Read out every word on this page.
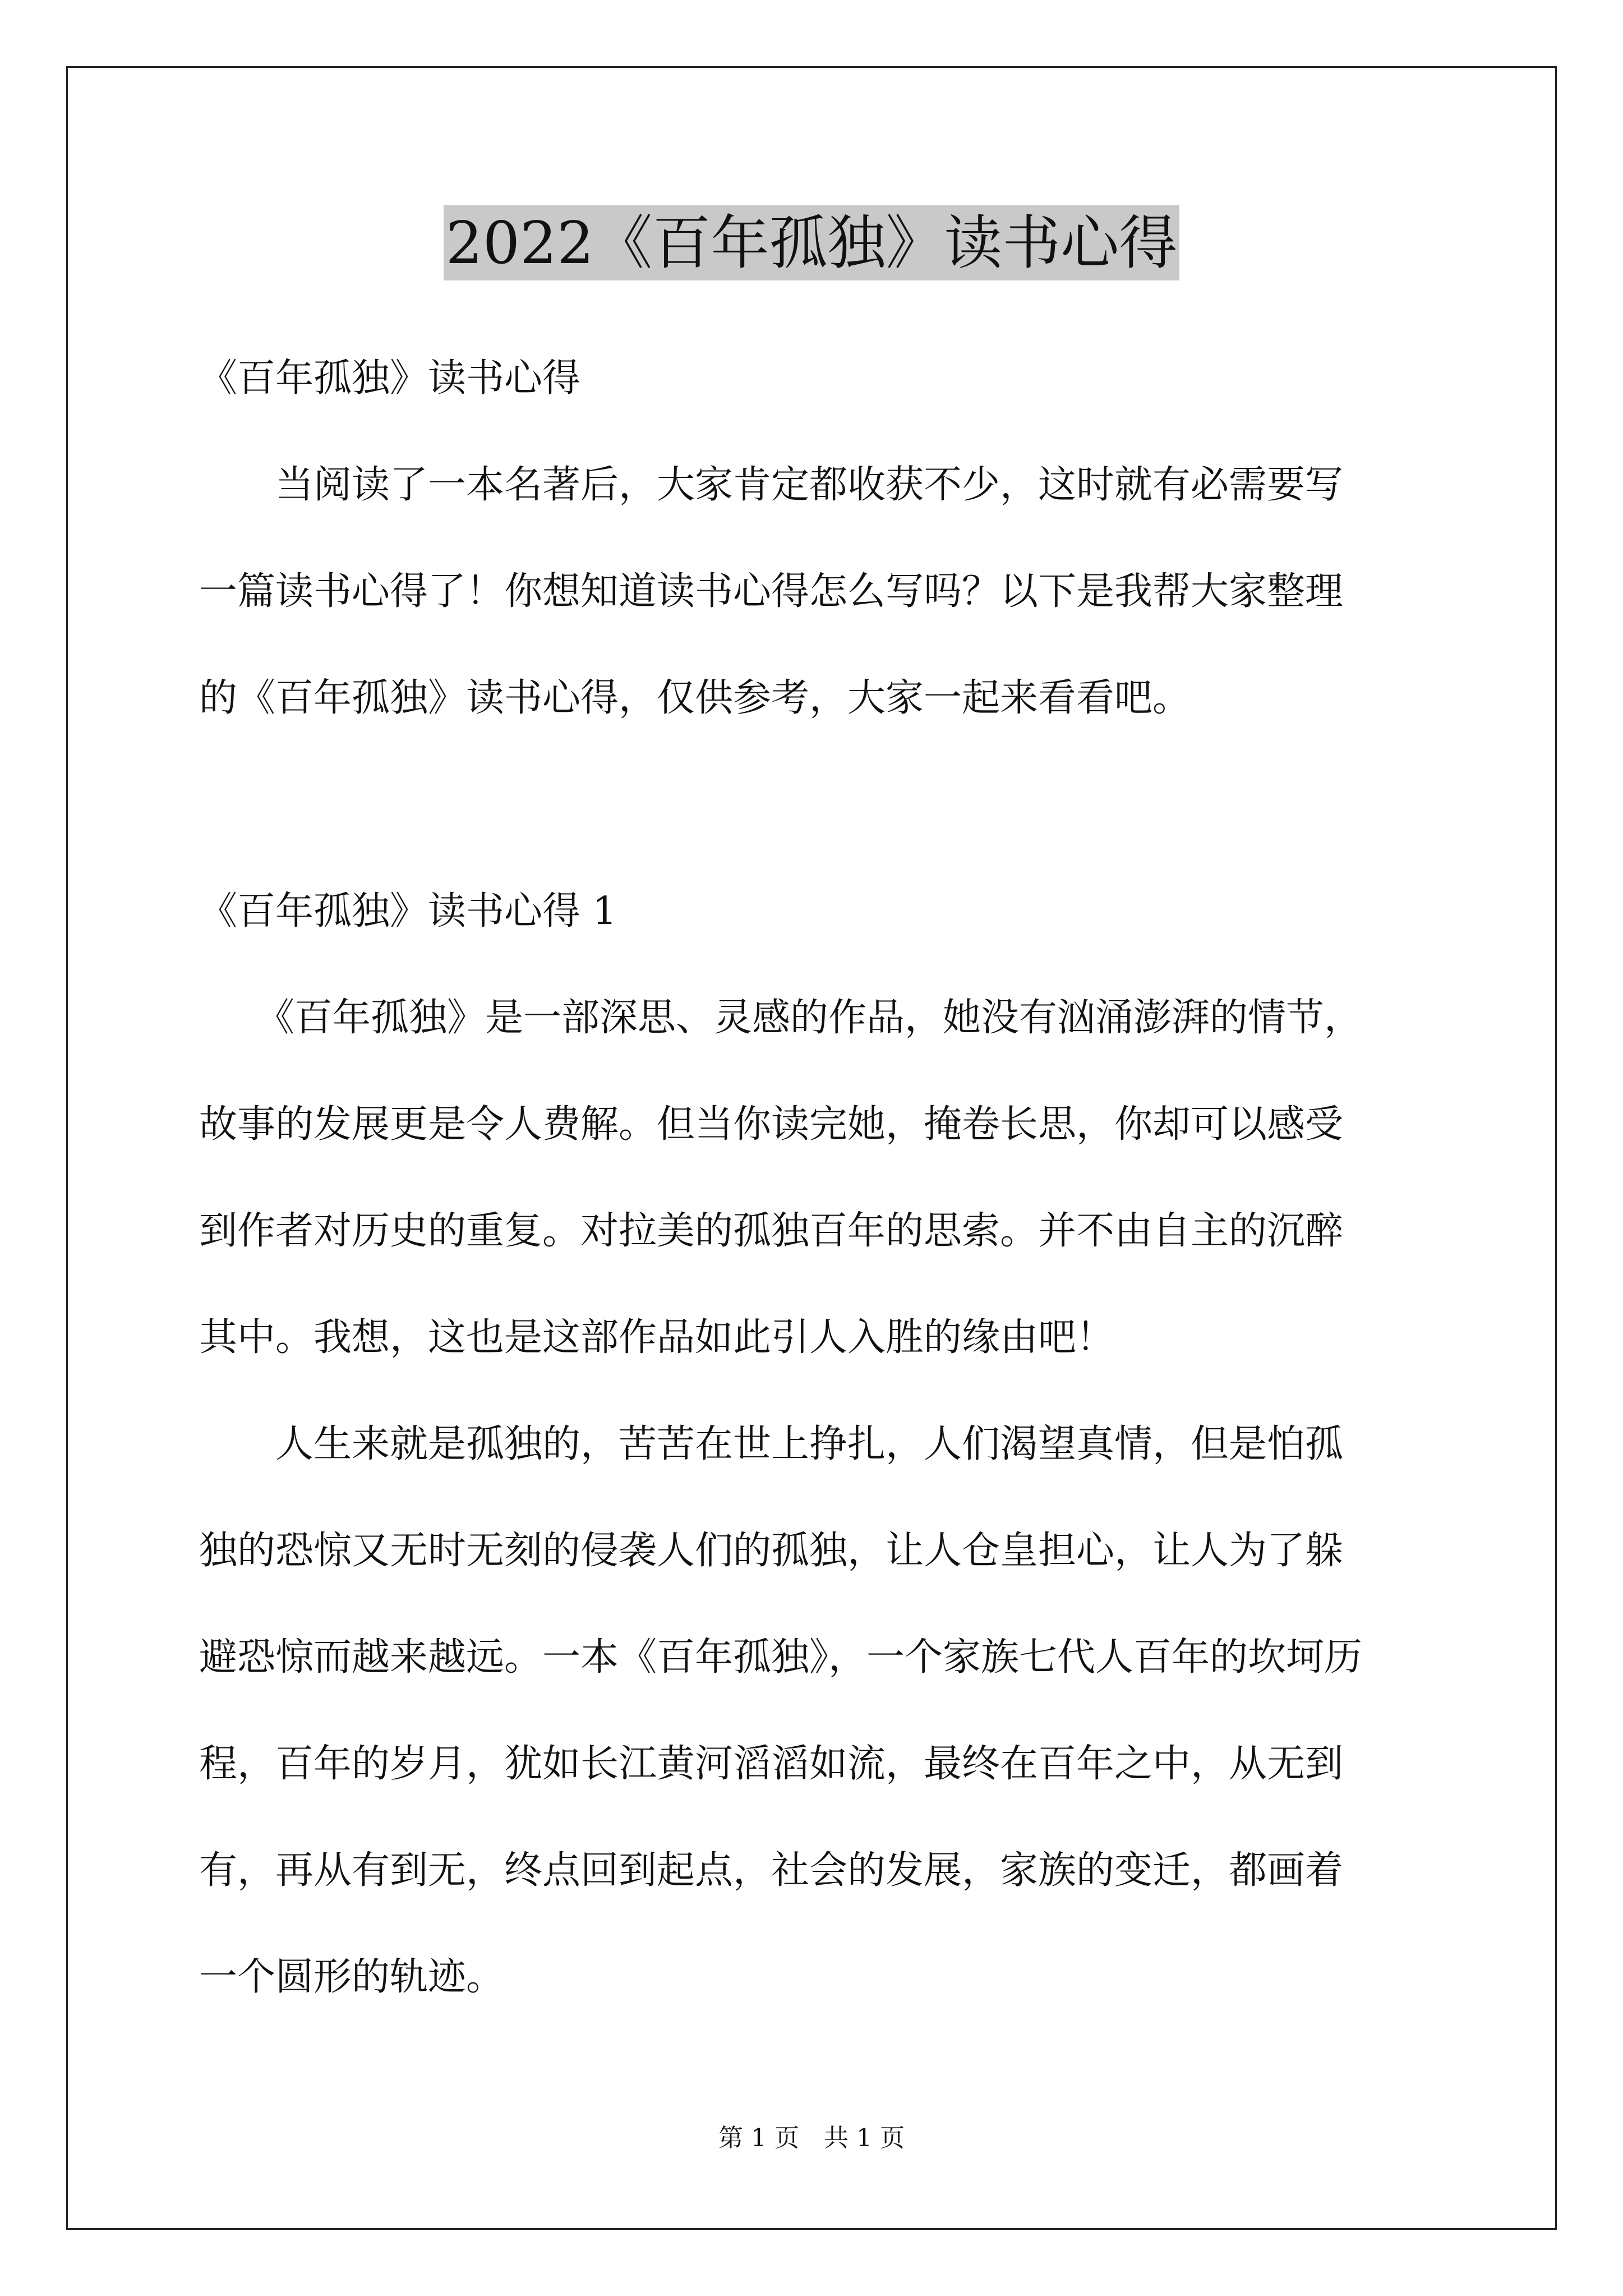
2022《百年孤独》读书心得

《百年孤独》读书心得

　　当阅读了一本名著后，大家肯定都收获不少，这时就有必需要写

一篇读书心得了！你想知道读书心得怎么写吗？以下是我帮大家整理

的《百年孤独》读书心得，仅供参考，大家一起来看看吧。

《百年孤独》读书心得 1

　　《百年孤独》是一部深思、灵感的作品，她没有汹涌澎湃的情节，

故事的发展更是令人费解。但当你读完她，掩卷长思，你却可以感受

到作者对历史的重复。对拉美的孤独百年的思索。并不由自主的沉醉

其中。我想，这也是这部作品如此引人入胜的缘由吧！

　　人生来就是孤独的，苦苦在世上挣扎，人们渴望真情，但是怕孤

独的恐惊又无时无刻的侵袭人们的孤独，让人仓皇担心，让人为了躲

避恐惊而越来越远。一本《百年孤独》，一个家族七代人百年的坎坷历

程，百年的岁月，犹如长江黄河滔滔如流，最终在百年之中，从无到

有，再从有到无，终点回到起点，社会的发展，家族的变迁，都画着

一个圆形的轨迹。

第 1 页　共 1 页
